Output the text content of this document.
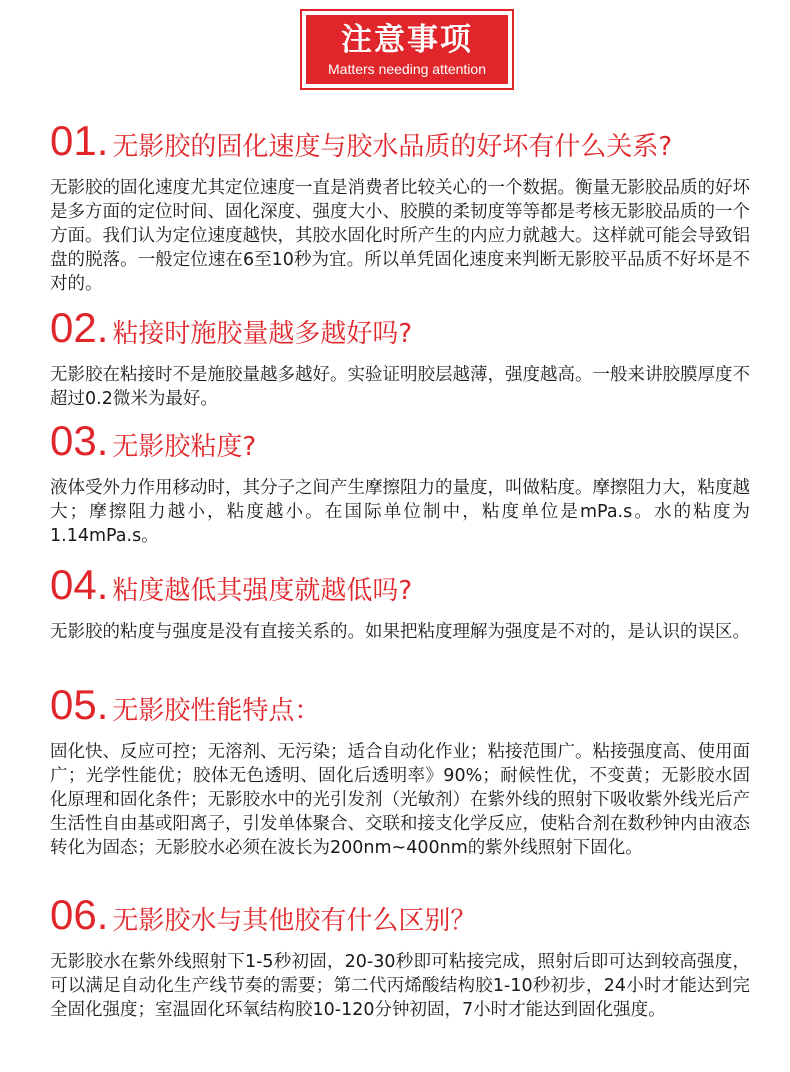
注意事项
Matters needing attention
01. 无影胶的固化速度与胶水品质的好坏有什么关系?
无影胶的固化速度尤其定位速度一直是消费者比较关心的一个数据。衡量无影胶品质的好坏是多方面的定位时间、固化深度、强度大小、胶膜的柔韧度等等都是考核无影胶品质的一个方面。我们认为定位速度越快，其胶水固化时所产生的内应力就越大。这样就可能会导致铝盘的脱落。一般定位速在6至10秒为宜。所以单凭固化速度来判断无影胶平品质不好坏是不对的。
02. 粘接时施胶量越多越好吗?
无影胶在粘接时不是施胶量越多越好。实验证明胶层越薄，强度越高。一般来讲胶膜厚度不超过0.2微米为最好。
03. 无影胶粘度?
液体受外力作用移动时，其分子之间产生摩擦阻力的量度，叫做粘度。摩擦阻力大，粘度越大；摩擦阻力越小，粘度越小。在国际单位制中，粘度单位是mPa.s。水的粘度为1.14mPa.s。
04. 粘度越低其强度就越低吗?
无影胶的粘度与强度是没有直接关系的。如果把粘度理解为强度是不对的，是认识的误区。
05. 无影胶性能特点：
固化快、反应可控；无溶剂、无污染；适合自动化作业；粘接范围广。粘接强度高、使用面广；光学性能优；胶体无色透明、固化后透明率》90%；耐候性优，不变黄；无影胶水固化原理和固化条件；无影胶水中的光引发剂（光敏剂）在紫外线的照射下吸收紫外线光后产生活性自由基或阳离子，引发单体聚合、交联和接支化学反应，使粘合剂在数秒钟内由液态转化为固态；无影胶水必须在波长为200nm~400nm的紫外线照射下固化。
06. 无影胶水与其他胶有什么区别？
无影胶水在紫外线照射下1-5秒初固，20-30秒即可粘接完成，照射后即可达到较高强度，可以满足自动化生产线节奏的需要；第二代丙烯酸结构胶1-10秒初步，24小时才能达到完全固化强度；室温固化环氧结构胶10-120分钟初固，7小时才能达到固化强度。
